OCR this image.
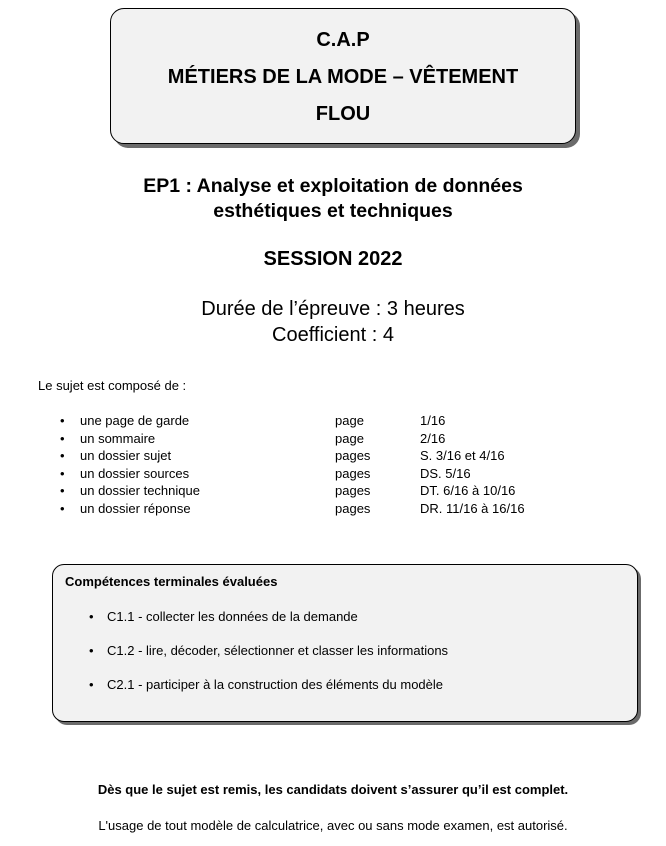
C.A.P
MÉTIERS DE LA MODE – VÊTEMENT
FLOU
EP1 : Analyse et exploitation de données
esthétiques et techniques
SESSION 2022
Durée de l’épreuve : 3 heures
Coefficient : 4
Le sujet est composé de :
•	une page de garde	page	1/16
•	un sommaire	page	2/16
•	un dossier sujet	pages	S. 3/16 et 4/16
•	un dossier sources	pages	DS. 5/16
•	un dossier technique	pages	DT. 6/16 à 10/16
•	un dossier réponse	pages	DR. 11/16 à 16/16
Compétences terminales évaluées
• C1.1 - collecter les données de la demande
• C1.2 - lire, décoder, sélectionner et classer les informations
• C2.1 - participer à la construction des éléments du modèle
Dès que le sujet est remis, les candidats doivent s’assurer qu’il est complet.
L'usage de tout modèle de calculatrice, avec ou sans mode examen, est autorisé.
